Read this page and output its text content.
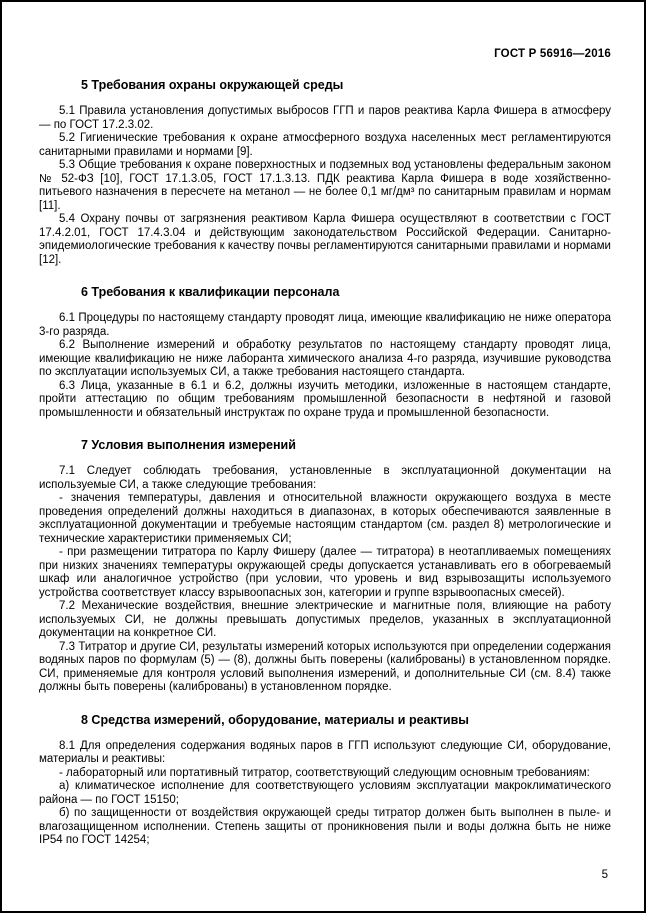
ГОСТ Р 56916—2016
5 Требования охраны окружающей среды

5.1 Правила установления допустимых выбросов ГГП и паров реактива Карла Фишера в атмосферу — по ГОСТ 17.2.3.02.

5.2 Гигиенические требования к охране атмосферного воздуха населенных мест регламентируются санитарными правилами и нормами [9].

5.3 Общие требования к охране поверхностных и подземных вод установлены федеральным законом № 52-ФЗ [10], ГОСТ 17.1.3.05, ГОСТ 17.1.3.13. ПДК реактива Карла Фишера в воде хозяйственно-питьевого назначения в пересчете на метанол — не более 0,1 мг/дм³ по санитарным правилам и нормам [11].

5.4 Охрану почвы от загрязнения реактивом Карла Фишера осуществляют в соответствии с ГОСТ 17.4.2.01, ГОСТ 17.4.3.04 и действующим законодательством Российской Федерации. Санитарно-эпидемиологические требования к качеству почвы регламентируются санитарными правилами и нормами [12].

6 Требования к квалификации персонала

6.1 Процедуры по настоящему стандарту проводят лица, имеющие квалификацию не ниже оператора 3-го разряда.

6.2 Выполнение измерений и обработку результатов по настоящему стандарту проводят лица, имеющие квалификацию не ниже лаборанта химического анализа 4-го разряда, изучившие руководства по эксплуатации используемых СИ, а также требования настоящего стандарта.

6.3 Лица, указанные в 6.1 и 6.2, должны изучить методики, изложенные в настоящем стандарте, пройти аттестацию по общим требованиям промышленной безопасности в нефтяной и газовой промышленности и обязательный инструктаж по охране труда и промышленной безопасности.

7 Условия выполнения измерений

7.1 Следует соблюдать требования, установленные в эксплуатационной документации на используемые СИ, а также следующие требования:

- значения температуры, давления и относительной влажности окружающего воздуха в месте проведения определений должны находиться в диапазонах, в которых обеспечиваются заявленные в эксплуатационной документации и требуемые настоящим стандартом (см. раздел 8) метрологические и технические характеристики применяемых СИ;

- при размещении титратора по Карлу Фишеру (далее — титратора) в неотапливаемых помещениях при низких значениях температуры окружающей среды допускается устанавливать его в обогреваемый шкаф или аналогичное устройство (при условии, что уровень и вид взрывозащиты используемого устройства соответствует классу взрывоопасных зон, категории и группе взрывоопасных смесей).

7.2 Механические воздействия, внешние электрические и магнитные поля, влияющие на работу используемых СИ, не должны превышать допустимых пределов, указанных в эксплуатационной документации на конкретное СИ.

7.3 Титратор и другие СИ, результаты измерений которых используются при определении содержания водяных паров по формулам (5) — (8), должны быть поверены (калиброваны) в установленном порядке. СИ, применяемые для контроля условий выполнения измерений, и дополнительные СИ (см. 8.4) также должны быть поверены (калиброваны) в установленном порядке.

8 Средства измерений, оборудование, материалы и реактивы

8.1 Для определения содержания водяных паров в ГГП используют следующие СИ, оборудование, материалы и реактивы:

- лабораторный или портативный титратор, соответствующий следующим основным требованиям:

а) климатическое исполнение для соответствующего условиям эксплуатации макроклиматического района — по ГОСТ 15150;

б) по защищенности от воздействия окружающей среды титратор должен быть выполнен в пыле- и влагозащищенном исполнении. Степень защиты от проникновения пыли и воды должна быть не ниже IP54 по ГОСТ 14254;

5
